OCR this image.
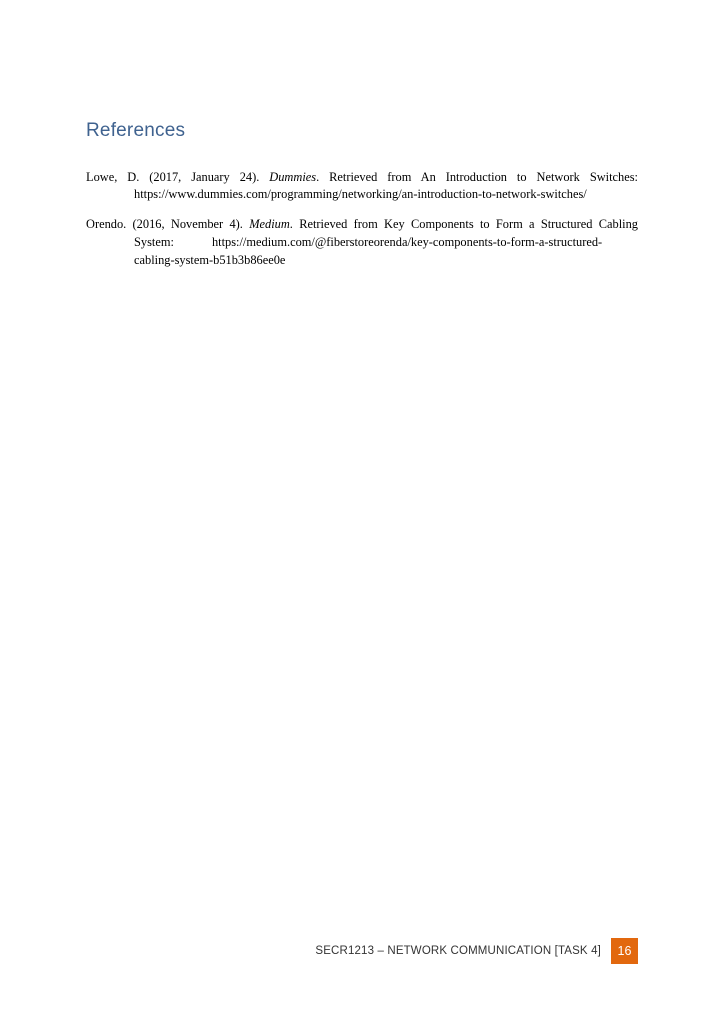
References

Lowe, D. (2017, January 24). Dummies. Retrieved from An Introduction to Network Switches: https://www.dummies.com/programming/networking/an-introduction-to-network-switches/

Orendo. (2016, November 4). Medium. Retrieved from Key Components to Form a Structured Cabling System:	https://medium.com/@fiberstoreorenda/key-components-to-form-a-structured-cabling-system-b51b3b86ee0e

SECR1213 – NETWORK COMMUNICATION [TASK 4]	16
